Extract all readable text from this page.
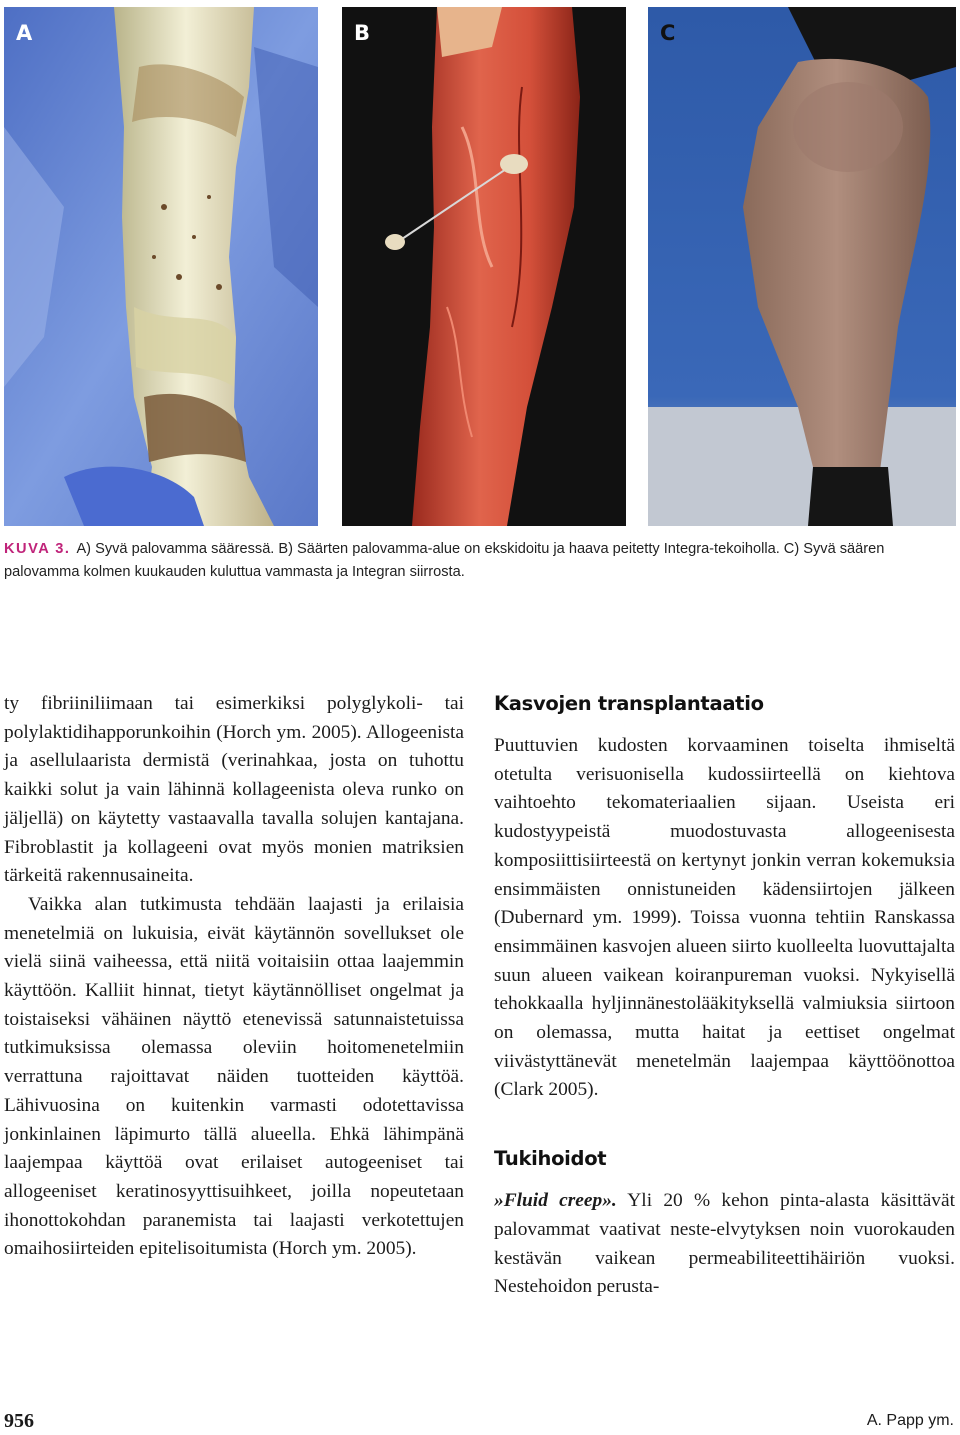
A	B	C
KUVA 3. A) Syvä palovamma sääressä. B) Säärten palovamma-alue on ekskidoitu ja haava peitetty Integra-tekoiholla. C) Syvä säären palovamma kolmen kuukauden kuluttua vammasta ja Integran siirrosta.

ty fibriiniliimaan tai esimerkiksi polyglykoli- tai polylaktidihapporunkoihin (Horch ym. 2005). Allogeenista ja asellulaarista dermistä (verinahkaa, josta on tuhottu kaikki solut ja vain lähinnä kollageenista oleva runko on jäljellä) on käytetty vastaavalla tavalla solujen kantajana. Fibroblastit ja kollageeni ovat myös monien matriksien tärkeitä rakennusaineita.

Vaikka alan tutkimusta tehdään laajasti ja erilaisia menetelmiä on lukuisia, eivät käytännön sovellukset ole vielä siinä vaiheessa, että niitä voitaisiin ottaa laajemmin käyttöön. Kalliit hinnat, tietyt käytännölliset ongelmat ja toistaiseksi vähäinen näyttö etenevissä satunnaistetuissa tutkimuksissa olemassa oleviin hoitomenetelmiin verrattuna rajoittavat näiden tuotteiden käyttöä. Lähivuosina on kuitenkin varmasti odotettavissa jonkinlainen läpimurto tällä alueella. Ehkä lähimpänä laajempaa käyttöä ovat erilaiset autogeeniset tai allogeeniset keratinosyyttisuihkeet, joilla nopeutetaan ihonottokohdan paranemista tai laajasti verkotettujen omaihosiirteiden epitelisoitumista (Horch ym. 2005).

Kasvojen transplantaatio

Puuttuvien kudosten korvaaminen toiselta ihmiseltä otetulta verisuonisella kudossiirteellä on kiehtova vaihtoehto tekomateriaalien sijaan. Useista eri kudostyypeistä muodostuvasta allogeenisesta komposiittisiirteestä on kertynyt jonkin verran kokemuksia ensimmäisten onnistuneiden kädensiirtojen jälkeen (Dubernard ym. 1999). Toissa vuonna tehtiin Ranskassa ensimmäinen kasvojen alueen siirto kuolleelta luovuttajalta suun alueen vaikean koiranpureman vuoksi. Nykyisellä tehokkaalla hyljinnänestolääkityksellä valmiuksia siirtoon on olemassa, mutta haitat ja eettiset ongelmat viivästyttänevät menetelmän laajempaa käyttöönottoa (Clark 2005).

Tukihoidot

»Fluid creep». Yli 20 % kehon pinta-alasta käsittävät palovammat vaativat neste-elvytyksen noin vuorokauden kestävän vaikean permeabiliteettihäiriön vuoksi. Nestehoidon perusta-

956	A. Papp ym.
